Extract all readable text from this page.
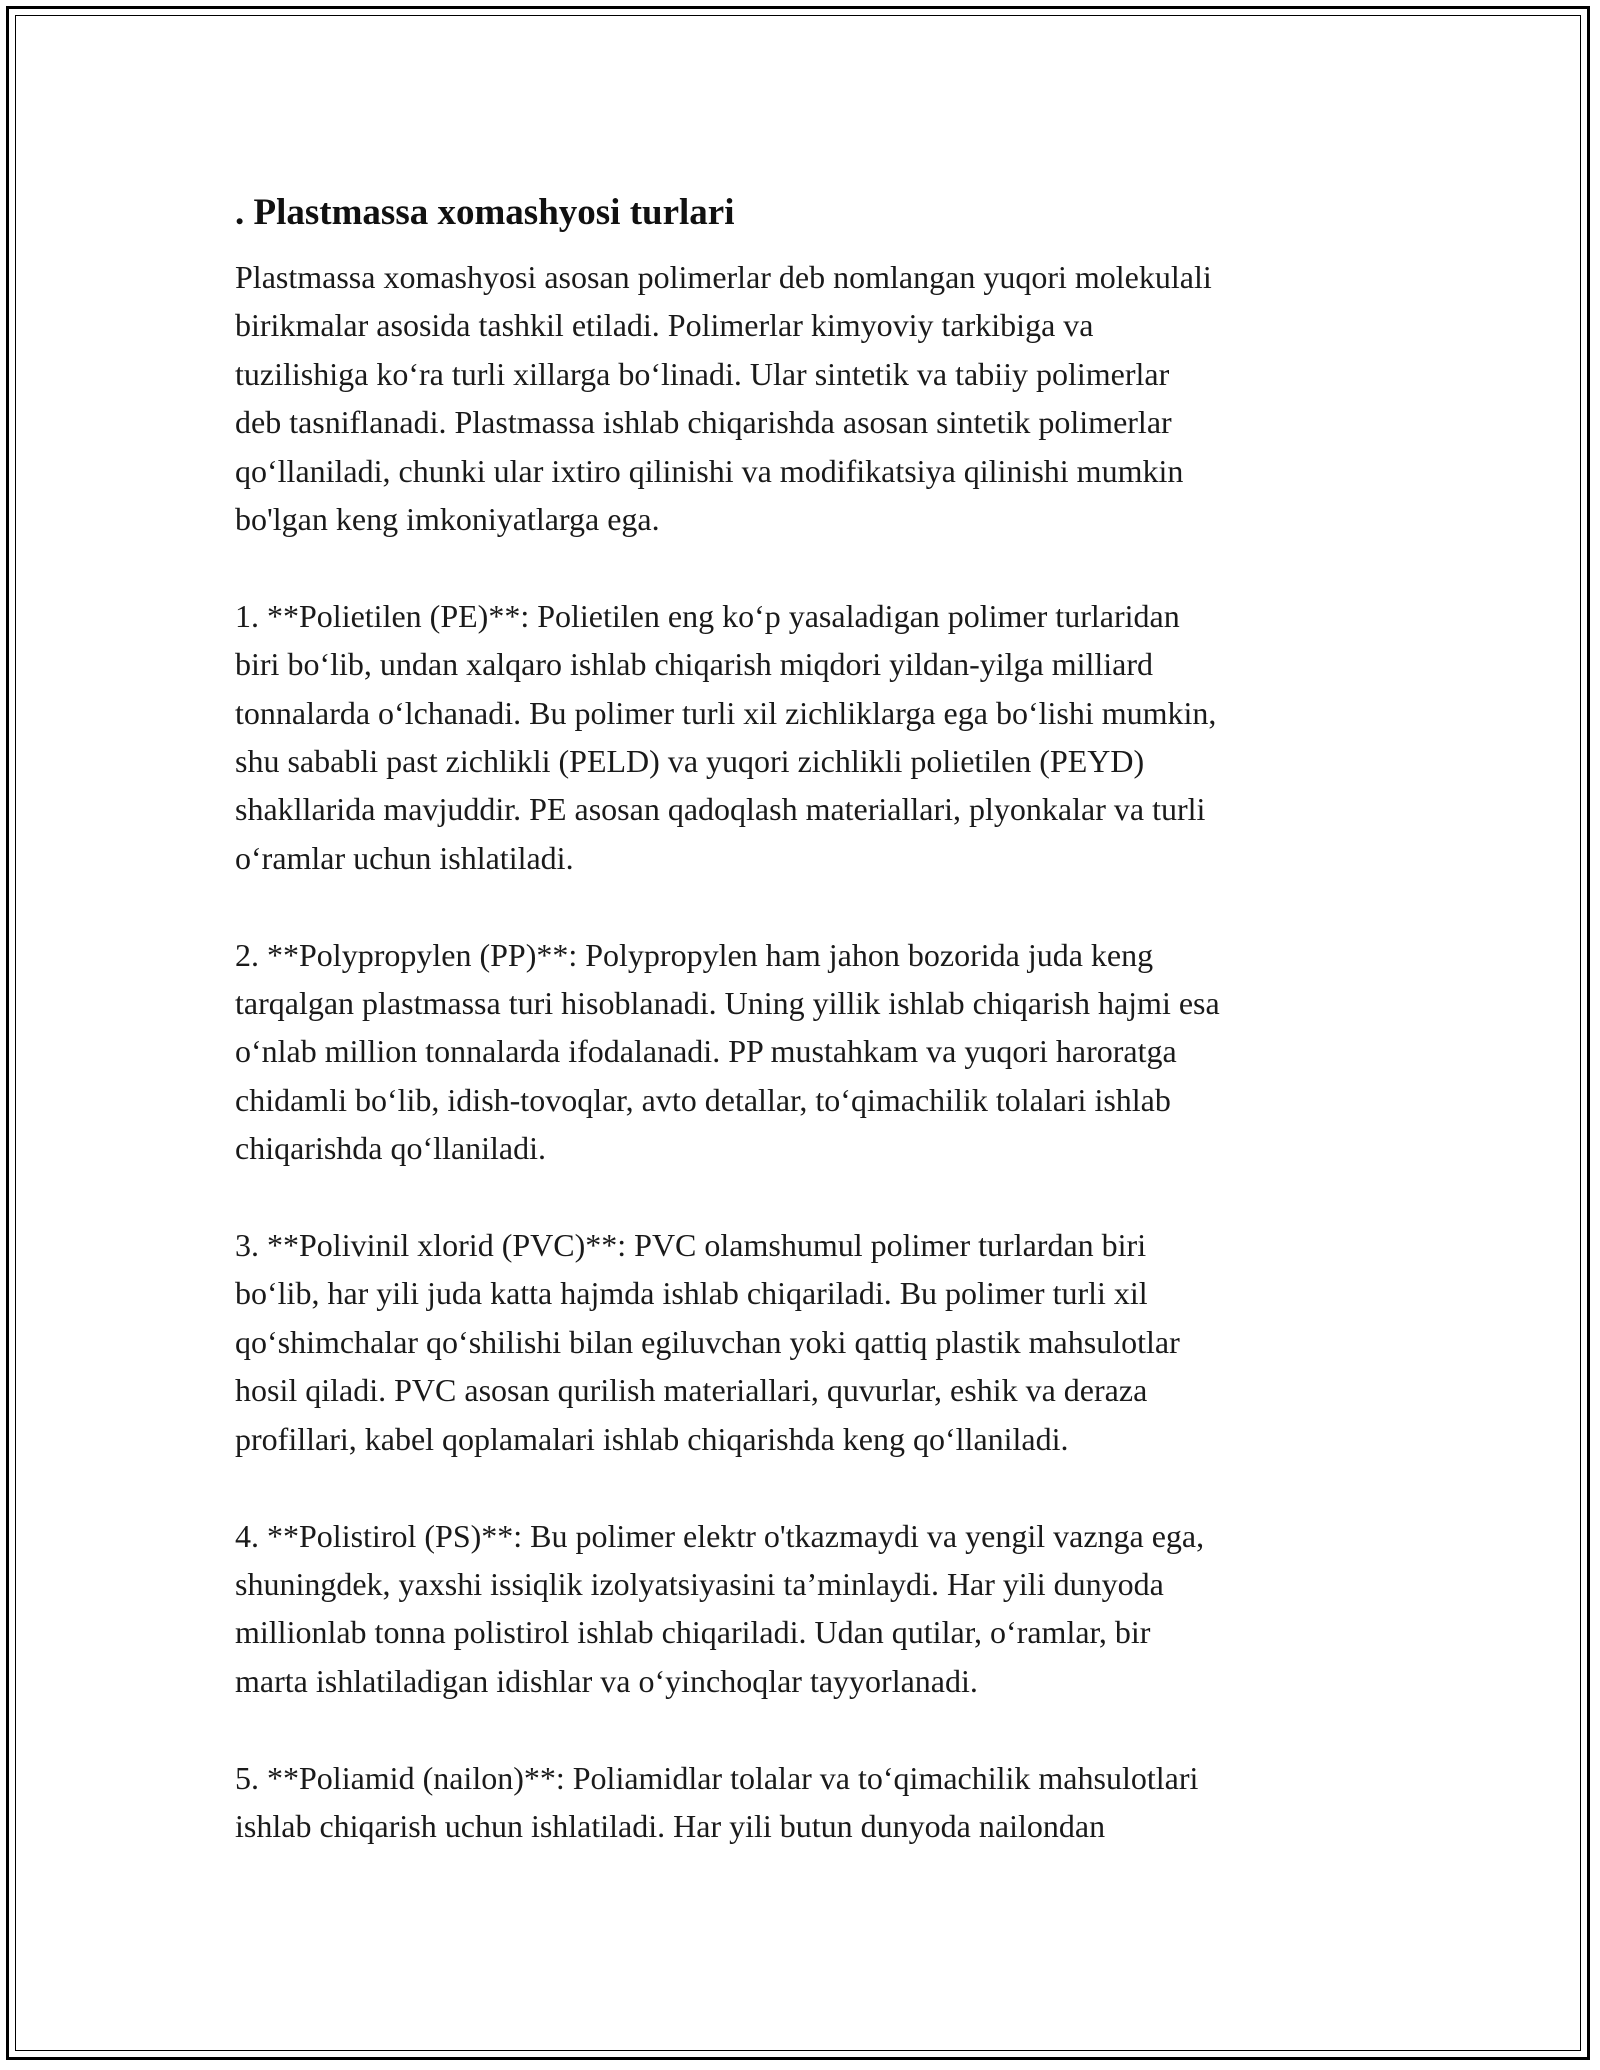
. Plastmassa xomashyosi turlari

Plastmassa xomashyosi asosan polimerlar deb nomlangan yuqori molekulali
birikmalar asosida tashkil etiladi. Polimerlar kimyoviy tarkibiga va
tuzilishiga koʻra turli xillarga boʻlinadi. Ular sintetik va tabiiy polimerlar
deb tasniflanadi. Plastmassa ishlab chiqarishda asosan sintetik polimerlar
qoʻllaniladi, chunki ular ixtiro qilinishi va modifikatsiya qilinishi mumkin
bo'lgan keng imkoniyatlarga ega.

1. **Polietilen (PE)**: Polietilen eng koʻp yasaladigan polimer turlaridan
biri boʻlib, undan xalqaro ishlab chiqarish miqdori yildan-yilga milliard
tonnalarda oʻlchanadi. Bu polimer turli xil zichliklarga ega boʻlishi mumkin,
shu sababli past zichlikli (PELD) va yuqori zichlikli polietilen (PEYD)
shakllarida mavjuddir. PE asosan qadoqlash materiallari, plyonkalar va turli
oʻramlar uchun ishlatiladi.

2. **Polypropylen (PP)**: Polypropylen ham jahon bozorida juda keng
tarqalgan plastmassa turi hisoblanadi. Uning yillik ishlab chiqarish hajmi esa
oʻnlab million tonnalarda ifodalanadi. PP mustahkam va yuqori haroratga
chidamli boʻlib, idish-tovoqlar, avto detallar, toʻqimachilik tolalari ishlab
chiqarishda qoʻllaniladi.

3. **Polivinil xlorid (PVC)**: PVC olamshumul polimer turlardan biri
boʻlib, har yili juda katta hajmda ishlab chiqariladi. Bu polimer turli xil
qoʻshimchalar qoʻshilishi bilan egiluvchan yoki qattiq plastik mahsulotlar
hosil qiladi. PVC asosan qurilish materiallari, quvurlar, eshik va deraza
profillari, kabel qoplamalari ishlab chiqarishda keng qoʻllaniladi.

4. **Polistirol (PS)**: Bu polimer elektr o'tkazmaydi va yengil vaznga ega,
shuningdek, yaxshi issiqlik izolyatsiyasini taʼminlaydi. Har yili dunyoda
millionlab tonna polistirol ishlab chiqariladi. Udan qutilar, oʻramlar, bir
marta ishlatiladigan idishlar va oʻyinchoqlar tayyorlanadi.

5. **Poliamid (nailon)**: Poliamidlar tolalar va toʻqimachilik mahsulotlari
ishlab chiqarish uchun ishlatiladi. Har yili butun dunyoda nailondan
